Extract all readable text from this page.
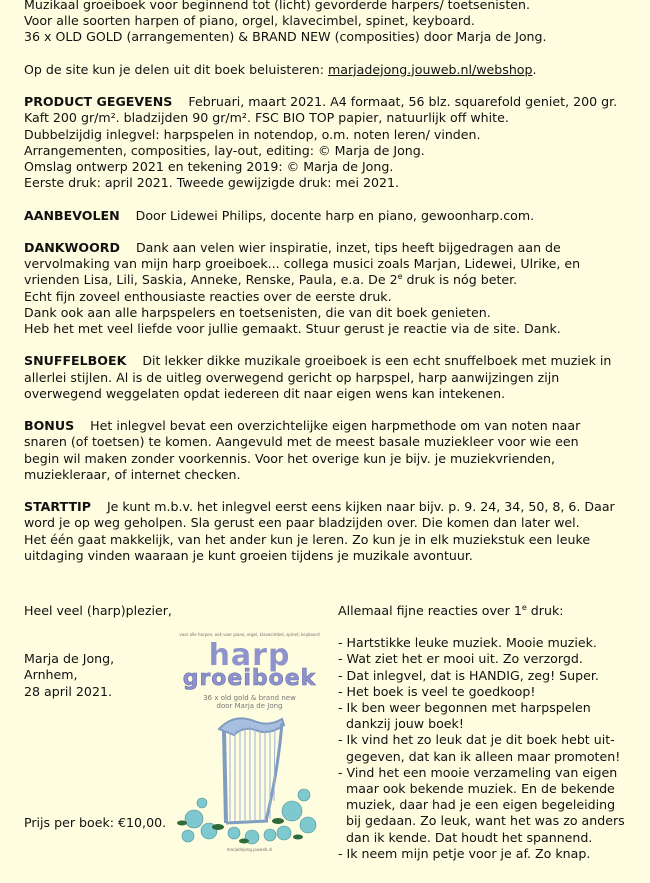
Muzikaal groeiboek voor beginnend tot (licht) gevorderde harpers/ toetsenisten.
Voor alle soorten harpen of piano, orgel, klavecimbel, spinet, keyboard.
36 x OLD GOLD (arrangementen) & BRAND NEW (composities) door Marja de Jong.
Op de site kun je delen uit dit boek beluisteren: marjadejong.jouweb.nl/webshop.
PRODUCT GEGEVENS Februari, maart 2021. A4 formaat, 56 blz. squarefold geniet, 200 gr.
Kaft 200 gr/m². bladzijden 90 gr/m². FSC BIO TOP papier, natuurlijk off white.
Dubbelzijdig inlegvel: harpspelen in notendop, o.m. noten leren/ vinden.
Arrangementen, composities, lay-out, editing: © Marja de Jong.
Omslag ontwerp 2021 en tekening 2019: © Marja de Jong.
Eerste druk: april 2021. Tweede gewijzigde druk: mei 2021.
AANBEVOLEN Door Lidewei Philips, docente harp en piano, gewoonharp.com.
DANKWOORD Dank aan velen wier inspiratie, inzet, tips heeft bijgedragen aan de
vervolmaking van mijn harp groeiboek... collega musici zoals Marjan, Lidewei, Ulrike, en
vrienden Lisa, Lili, Saskia, Anneke, Renske, Paula, e.a. De 2e druk is nóg beter.
Echt fijn zoveel enthousiaste reacties over de eerste druk.
Dank ook aan alle harpspelers en toetsenisten, die van dit boek genieten.
Heb het met veel liefde voor jullie gemaakt. Stuur gerust je reactie via de site. Dank.
SNUFFELBOEK Dit lekker dikke muzikale groeiboek is een echt snuffelboek met muziek in
allerlei stijlen. Al is de uitleg overwegend gericht op harpspel, harp aanwijzingen zijn
overwegend weggelaten opdat iedereen dit naar eigen wens kan intekenen.
BONUS Het inlegvel bevat een overzichtelijke eigen harpmethode om van noten naar
snaren (of toetsen) te komen. Aangevuld met de meest basale muziekleer voor wie een
begin wil maken zonder voorkennis. Voor het overige kun je bijv. je muziekvrienden,
muziekleraar, of internet checken.
STARTTIP Je kunt m.b.v. het inlegvel eerst eens kijken naar bijv. p. 9. 24, 34, 50, 8, 6. Daar
word je op weg geholpen. Sla gerust een paar bladzijden over. Die komen dan later wel.
Het één gaat makkelijk, van het ander kun je leren. Zo kun je in elk muziekstuk een leuke
uitdaging vinden waaraan je kunt groeien tijdens je muzikale avontuur.
Heel veel (harp)plezier,
Marja de Jong,
Arnhem,
28 april 2021.
Prijs per boek: €10,00.
voor alle harpen, ook voor piano, orgel, klavecimbel, spinet, keyboard
harp
groeiboek
36 x old gold & brand new
door Marja de Jong
marjadejong.jouweb.nl
Allemaal fijne reacties over 1e druk:
- Hartstikke leuke muziek. Mooie muziek.
- Wat ziet het er mooi uit. Zo verzorgd.
- Dat inlegvel, dat is HANDIG, zeg! Super.
- Het boek is veel te goedkoop!
- Ik ben weer begonnen met harpspelen
dankzij jouw boek!
- Ik vind het zo leuk dat je dit boek hebt uit-
gegeven, dat kan ik alleen maar promoten!
- Vind het een mooie verzameling van eigen
maar ook bekende muziek. En de bekende
muziek, daar had je een eigen begeleiding
bij gedaan. Zo leuk, want het was zo anders
dan ik kende. Dat houdt het spannend.
- Ik neem mijn petje voor je af. Zo knap.
